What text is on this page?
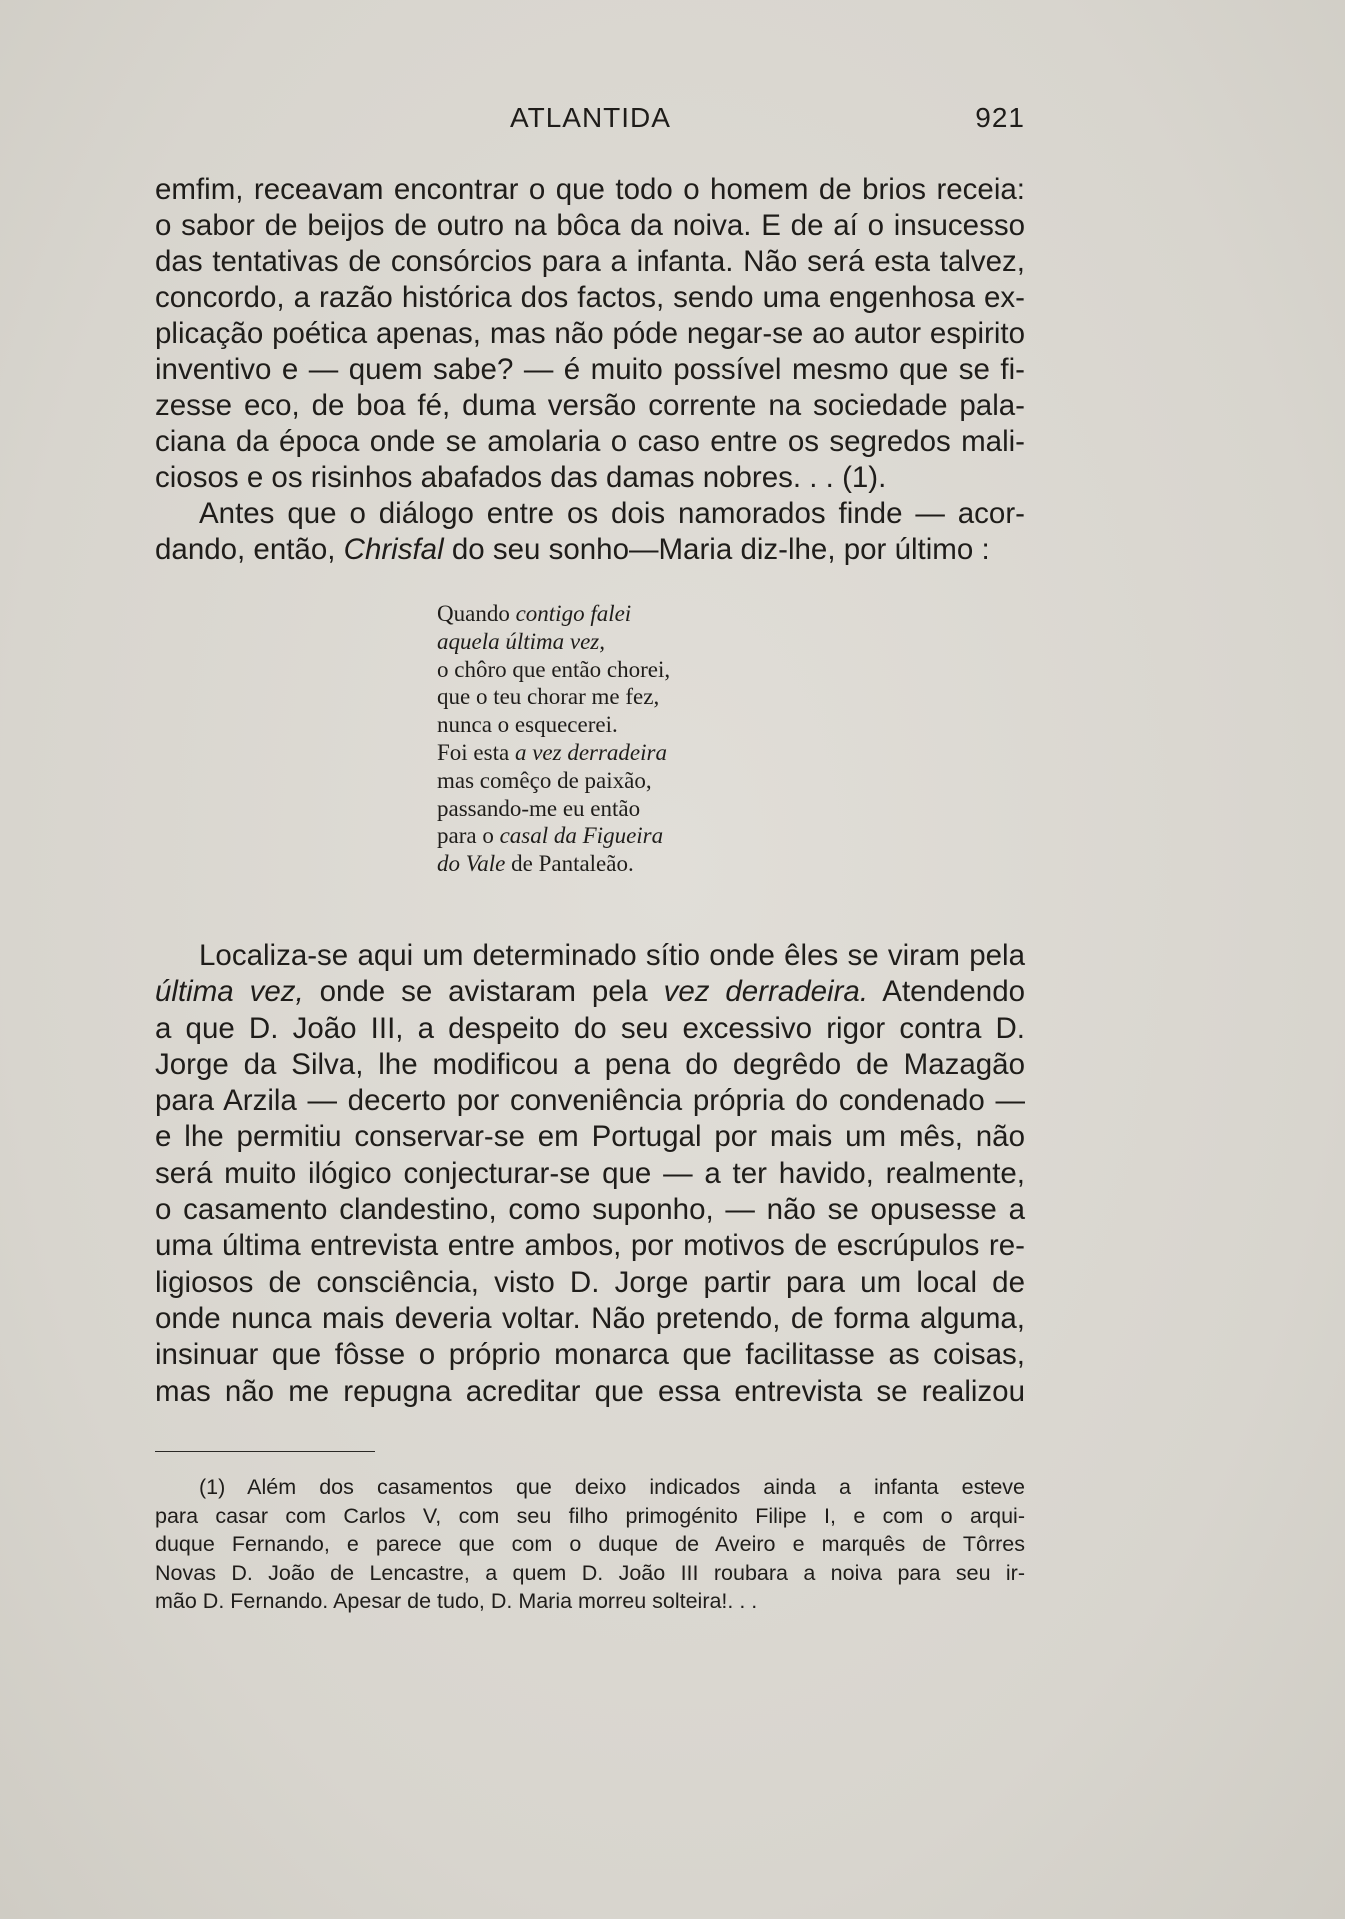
ATLANTIDA	921

emfim, receavam encontrar o que todo o homem de brios receia:

o sabor de beijos de outro na bôca da noiva. E de aí o insucesso

das tentativas de consórcios para a infanta. Não será esta talvez,

concordo, a razão histórica dos factos, sendo uma engenhosa ex-

plicação poética apenas, mas não póde negar-se ao autor espirito

inventivo e — quem sabe? — é muito possível mesmo que se fi-

zesse eco, de boa fé, duma versão corrente na sociedade pala-

ciana da época onde se amolaria o caso entre os segredos mali-

ciosos e os risinhos abafados das damas nobres. . . (1).

Antes que o diálogo entre os dois namorados finde — acor-

dando, então, Chrisfal do seu sonho—Maria diz-lhe, por último :

Quando contigo falei
aquela última vez,
o chôro que então chorei,
que o teu chorar me fez,
nunca o esquecerei.
Foi esta a vez derradeira
mas comêço de paixão,
passando-me eu então
para o casal da Figueira
do Vale de Pantaleão.

Localiza-se aqui um determinado sítio onde êles se viram pela

última vez, onde se avistaram pela vez derradeira. Atendendo

a que D. João III, a despeito do seu excessivo rigor contra D.

Jorge da Silva, lhe modificou a pena do degrêdo de Mazagão

para Arzila — decerto por conveniência própria do condenado —

e lhe permitiu conservar-se em Portugal por mais um mês, não

será muito ilógico conjecturar-se que — a ter havido, realmente,

o casamento clandestino, como suponho, — não se opusesse a

uma última entrevista entre ambos, por motivos de escrúpulos re-

ligiosos de consciência, visto D. Jorge partir para um local de

onde nunca mais deveria voltar. Não pretendo, de forma alguma,

insinuar que fôsse o próprio monarca que facilitasse as coisas,

mas não me repugna acreditar que essa entrevista se realizou

(1) Além dos casamentos que deixo indicados ainda a infanta esteve

para casar com Carlos V, com seu filho primogénito Filipe I, e com o arqui-

duque Fernando, e parece que com o duque de Aveiro e marquês de Tôrres

Novas D. João de Lencastre, a quem D. João III roubara a noiva para seu ir-

mão D. Fernando. Apesar de tudo, D. Maria morreu solteira!. . .
